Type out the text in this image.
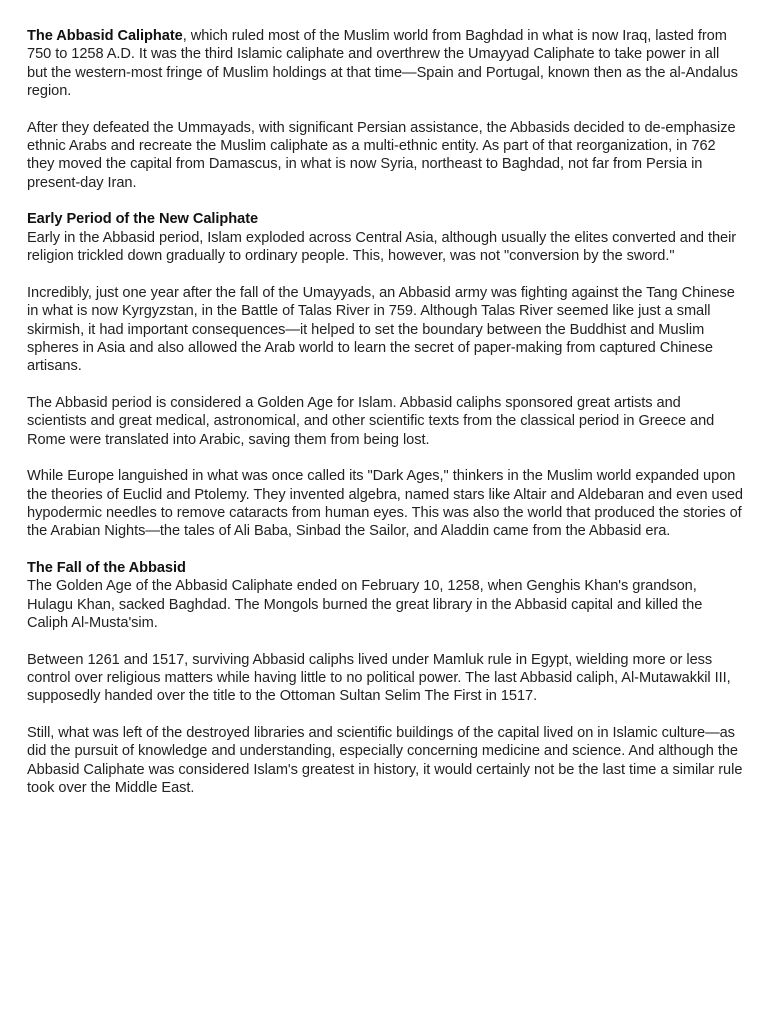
The Abbasid Caliphate, which ruled most of the Muslim world from Baghdad in what is now Iraq, lasted from 750 to 1258 A.D. It was the third Islamic caliphate and overthrew the Umayyad Caliphate to take power in all but the western-most fringe of Muslim holdings at that time—Spain and Portugal, known then as the al-Andalus region.

After they defeated the Ummayads, with significant Persian assistance, the Abbasids decided to de-emphasize ethnic Arabs and recreate the Muslim caliphate as a multi-ethnic entity. As part of that reorganization, in 762 they moved the capital from Damascus, in what is now Syria, northeast to Baghdad, not far from Persia in present-day Iran.

Early Period of the New Caliphate
Early in the Abbasid period, Islam exploded across Central Asia, although usually the elites converted and their religion trickled down gradually to ordinary people. This, however, was not "conversion by the sword."

Incredibly, just one year after the fall of the Umayyads, an Abbasid army was fighting against the Tang Chinese in what is now Kyrgyzstan, in the Battle of Talas River in 759. Although Talas River seemed like just a small skirmish, it had important consequences—it helped to set the boundary between the Buddhist and Muslim spheres in Asia and also allowed the Arab world to learn the secret of paper-making from captured Chinese artisans.

The Abbasid period is considered a Golden Age for Islam. Abbasid caliphs sponsored great artists and scientists and great medical, astronomical, and other scientific texts from the classical period in Greece and Rome were translated into Arabic, saving them from being lost.

While Europe languished in what was once called its "Dark Ages," thinkers in the Muslim world expanded upon the theories of Euclid and Ptolemy. They invented algebra, named stars like Altair and Aldebaran and even used hypodermic needles to remove cataracts from human eyes. This was also the world that produced the stories of the Arabian Nights—the tales of Ali Baba, Sinbad the Sailor, and Aladdin came from the Abbasid era.

The Fall of the Abbasid
The Golden Age of the Abbasid Caliphate ended on February 10, 1258, when Genghis Khan's grandson, Hulagu Khan, sacked Baghdad. The Mongols burned the great library in the Abbasid capital and killed the Caliph Al-Musta'sim.

Between 1261 and 1517, surviving Abbasid caliphs lived under Mamluk rule in Egypt, wielding more or less control over religious matters while having little to no political power. The last Abbasid caliph, Al-Mutawakkil III, supposedly handed over the title to the Ottoman Sultan Selim The First in 1517.

Still, what was left of the destroyed libraries and scientific buildings of the capital lived on in Islamic culture—as did the pursuit of knowledge and understanding, especially concerning medicine and science. And although the Abbasid Caliphate was considered Islam's greatest in history, it would certainly not be the last time a similar rule took over the Middle East.
